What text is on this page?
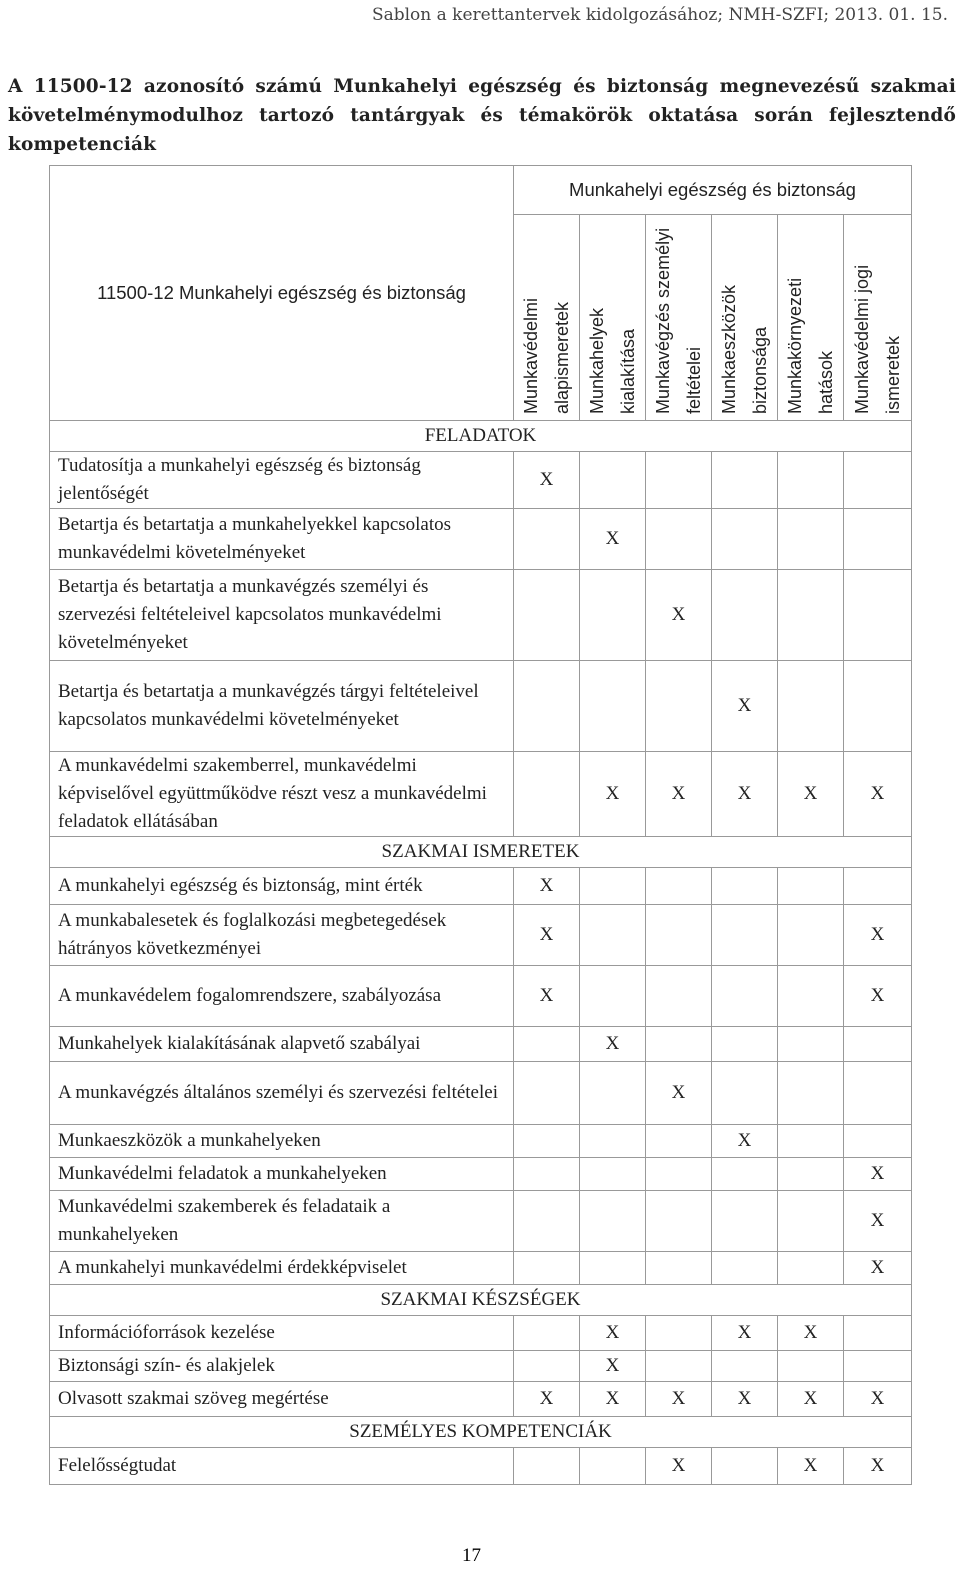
Sablon a kerettantervek kidolgozásához; NMH-SZFI; 2013. 01. 15.
A 11500-12 azonosító számú Munkahelyi egészség és biztonság megnevezésű szakmai követelménymodulhoz tartozó tantárgyak és témakörök oktatása során fejlesztendő kompetenciák
11500-12 Munkahelyi egészség és biztonság	Munkahelyi egészség és biztonság					

	Munkavédelmi alapismeretek	Munkahelyek kialakítása	Munkavégzés személyi feltételei	Munkaeszközök biztonsága	Munkakörnyezeti hatások	Munkavédelmi jogi ismeretek

FELADATOK						
Tudatosítja a munkahelyi egészség és biztonság jelentőségét	X					
Betartja és betartatja a munkahelyekkel kapcsolatos munkavédelmi követelményeket		X				
Betartja és betartatja a munkavégzés személyi és szervezési feltételeivel kapcsolatos munkavédelmi követelményeket			X			
Betartja és betartatja a munkavégzés tárgyi feltételeivel kapcsolatos munkavédelmi követelményeket				X		
A munkavédelmi szakemberrel, munkavédelmi képviselővel együttműködve részt vesz a munkavédelmi feladatok ellátásában		X	X	X	X	X
SZAKMAI ISMERETEK						
A munkahelyi egészség és biztonság, mint érték	X					
A munkabalesetek és foglalkozási megbetegedések hátrányos következményei	X					X
A munkavédelem fogalomrendszere, szabályozása	X					X
Munkahelyek kialakításának alapvető szabályai		X				
A munkavégzés általános személyi és szervezési feltételei			X			
Munkaeszközök a munkahelyeken				X		
Munkavédelmi feladatok a munkahelyeken						X
Munkavédelmi szakemberek és feladataik a munkahelyeken						X
A munkahelyi munkavédelmi érdekképviselet						X
SZAKMAI KÉSZSÉGEK						
Információforrások kezelése		X		X	X	
Biztonsági szín- és alakjelek		X				
Olvasott szakmai szöveg megértése	X	X	X	X	X	X
SZEMÉLYES KOMPETENCIÁK						
Felelősségtudat			X		X	X
17
